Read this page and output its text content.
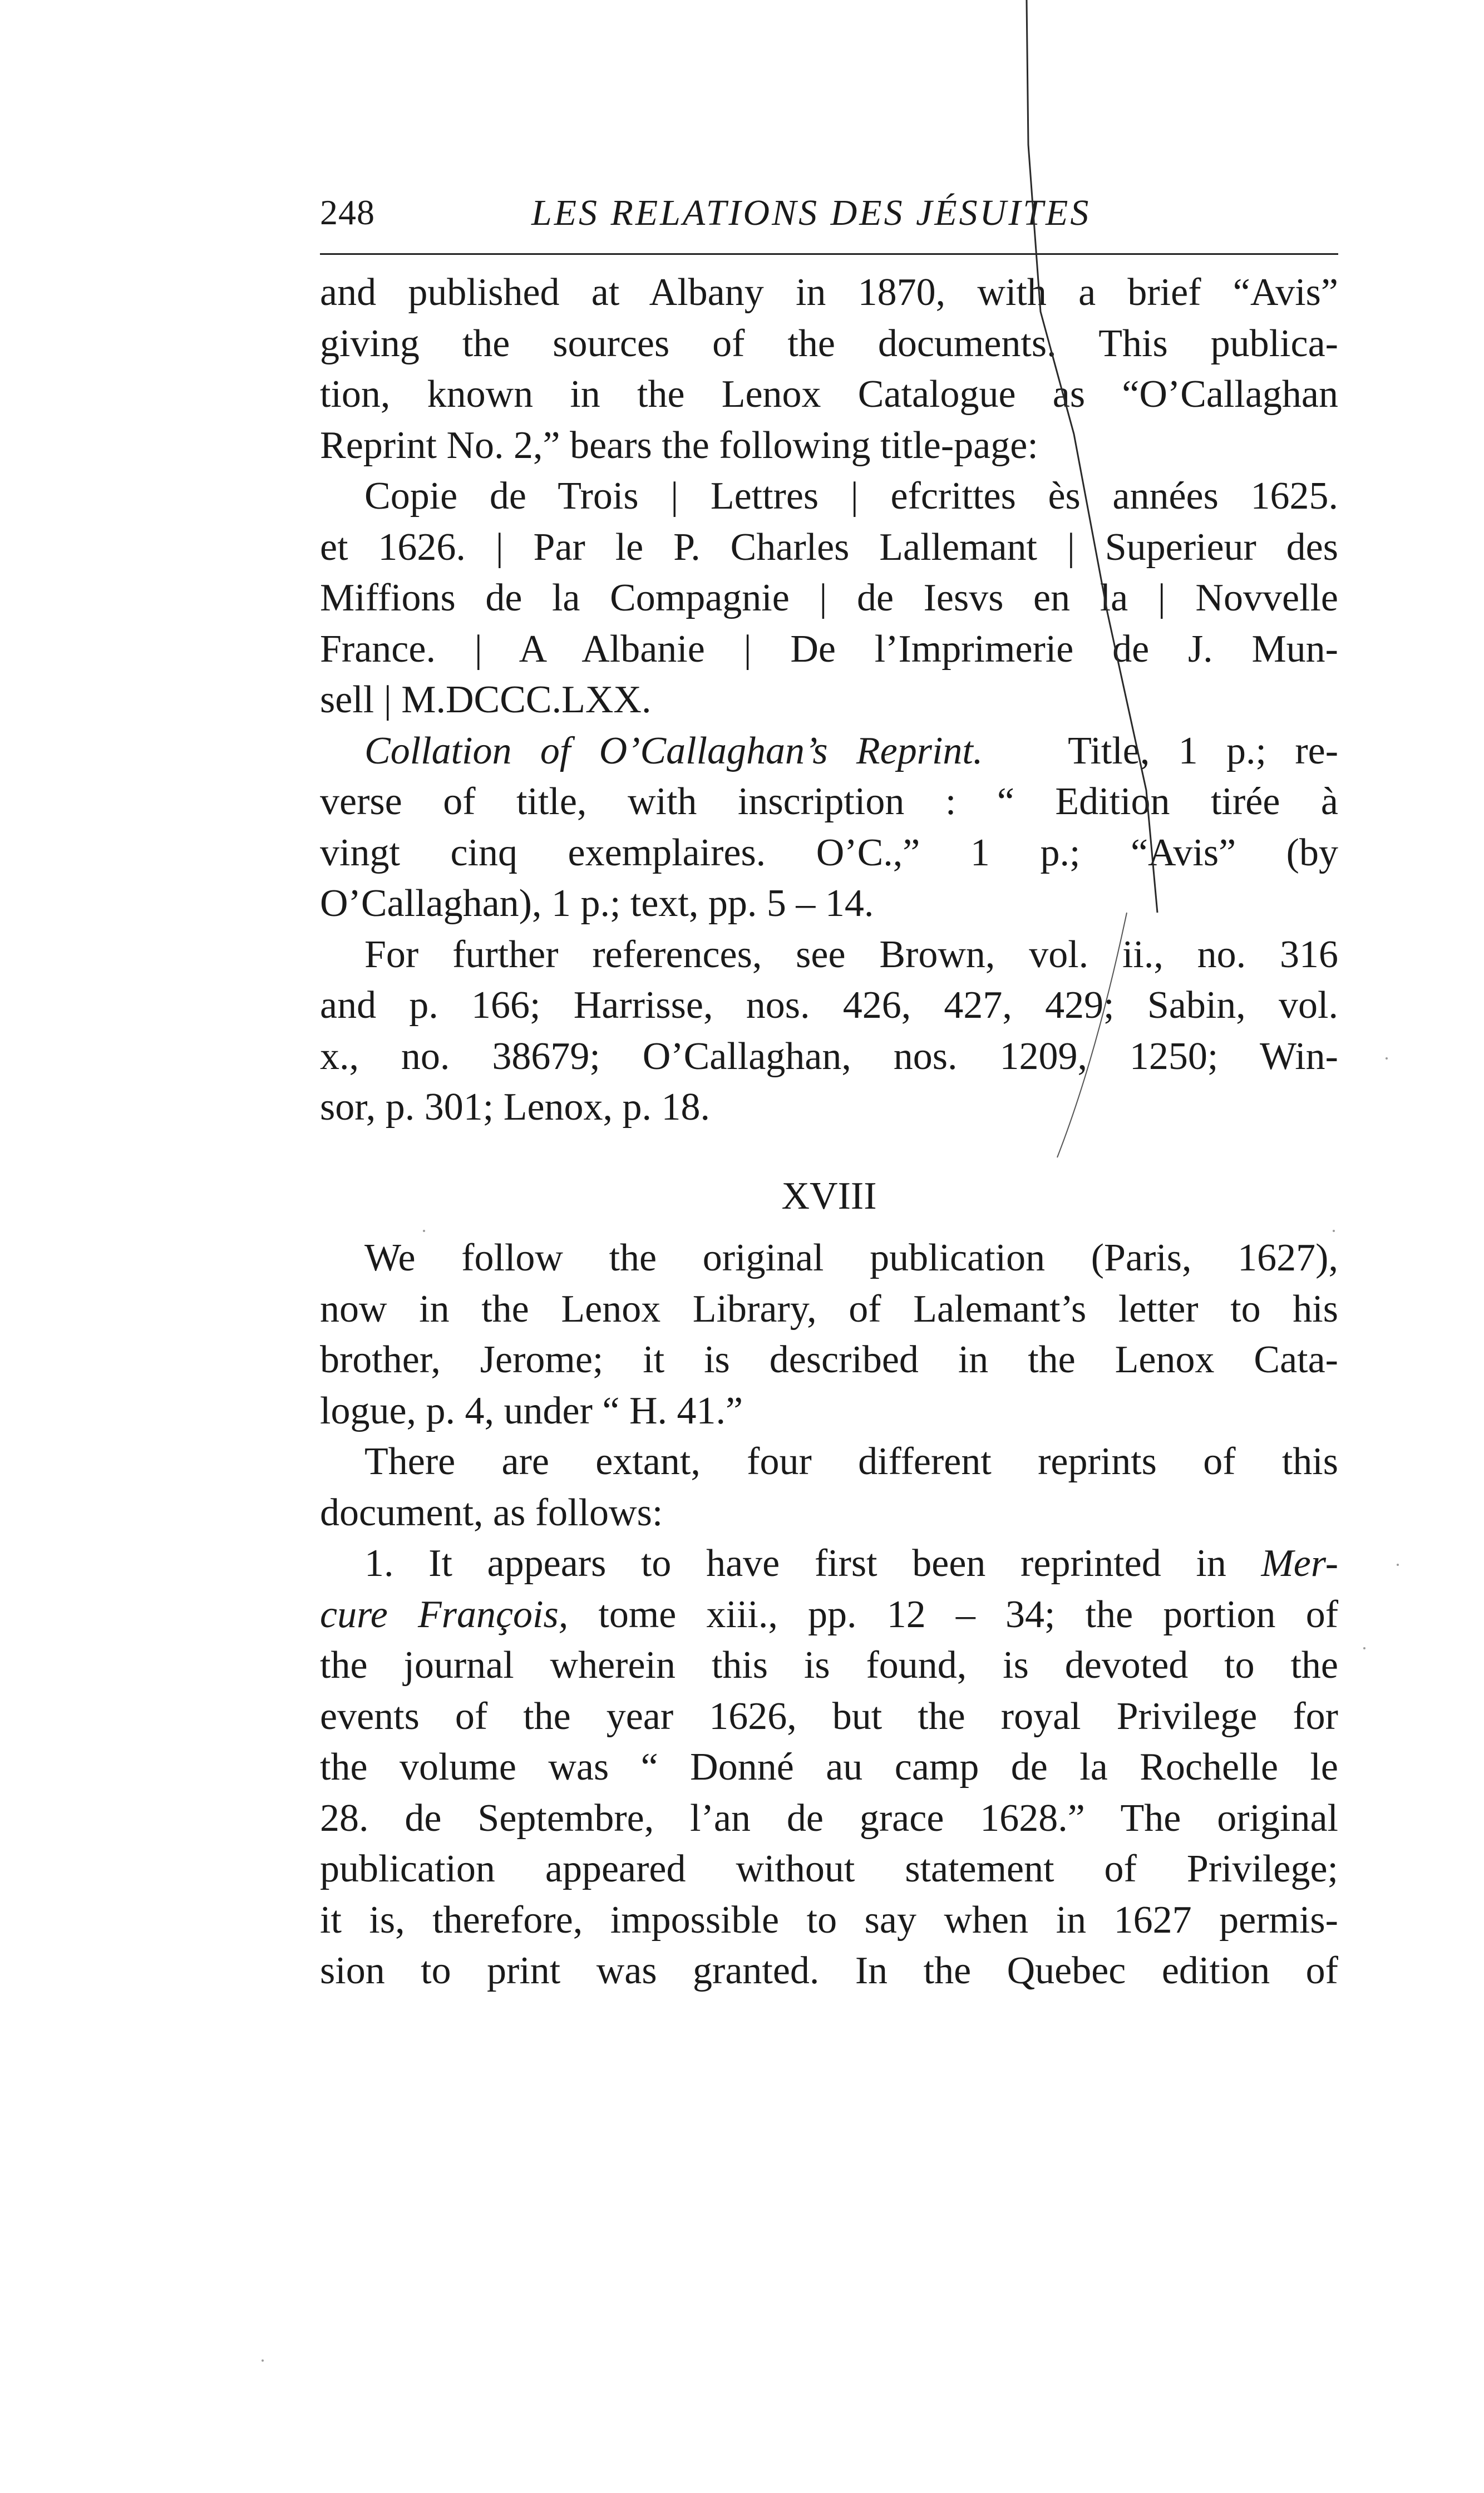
248	LES RELATIONS DES JÉSUITES
and published at Albany in 1870, with a brief “Avis”
giving the sources of the documents. This publica-
tion, known in the Lenox Catalogue as “O’Callaghan
Reprint No. 2,” bears the following title-page:
Copie de Trois | Lettres | efcrittes ès années 1625.
et 1626. | Par le P. Charles Lallemant | Superieur des
Miffions de la Compagnie | de Iesvs en la | Novvelle
France. | A Albanie | De l’Imprimerie de J. Mun-
sell | M.DCCC.LXX.
Collation of O’Callaghan’s Reprint. Title, 1 p.; re-
verse of title, with inscription : “ Edition tirée à
vingt cinq exemplaires. O’C.,” 1 p.; “Avis” (by
O’Callaghan), 1 p.; text, pp. 5 – 14.
For further references, see Brown, vol. ii., no. 316
and p. 166; Harrisse, nos. 426, 427, 429; Sabin, vol.
x., no. 38679; O’Callaghan, nos. 1209, 1250; Win-
sor, p. 301; Lenox, p. 18.
XVIII
We follow the original publication (Paris, 1627),
now in the Lenox Library, of Lalemant’s letter to his
brother, Jerome; it is described in the Lenox Cata-
logue, p. 4, under “ H. 41.”
There are extant, four different reprints of this
document, as follows:
1. It appears to have first been reprinted in Mer-
cure François, tome xiii., pp. 12 – 34; the portion of
the journal wherein this is found, is devoted to the
events of the year 1626, but the royal Privilege for
the volume was “ Donné au camp de la Rochelle le
28. de Septembre, l’an de grace 1628.” The original
publication appeared without statement of Privilege;
it is, therefore, impossible to say when in 1627 permis-
sion to print was granted. In the Quebec edition of
